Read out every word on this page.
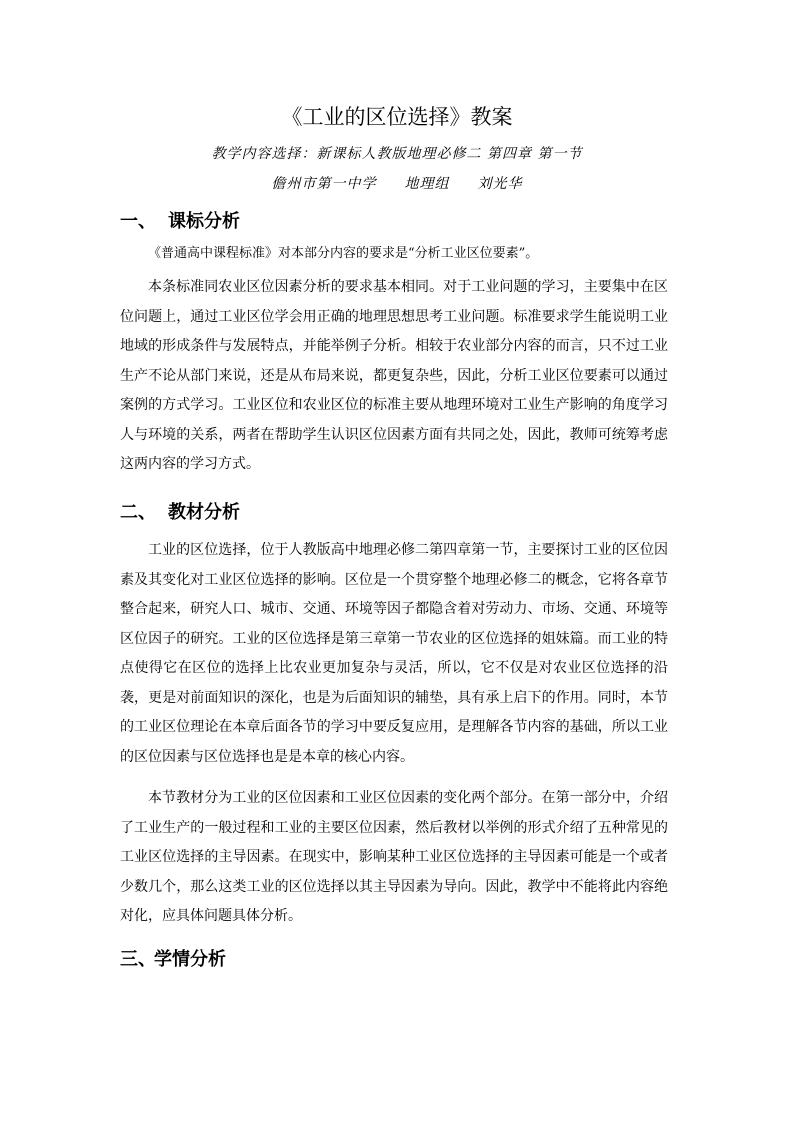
《工业的区位选择》教案
教学内容选择：新课标人教版地理必修二 第四章 第一节
儋州市第一中学 地理组 刘光华
一、 课标分析

《普通高中课程标准》对本部分内容的要求是“分析工业区位要素”。

本条标准同农业区位因素分析的要求基本相同。对于工业问题的学习，主要集中在区位问题上，通过工业区位学会用正确的地理思想思考工业问题。标准要求学生能说明工业地域的形成条件与发展特点，并能举例子分析。相较于农业部分内容的而言，只不过工业生产不论从部门来说，还是从布局来说，都更复杂些，因此，分析工业区位要素可以通过案例的方式学习。工业区位和农业区位的标准主要从地理环境对工业生产影响的角度学习人与环境的关系，两者在帮助学生认识区位因素方面有共同之处，因此，教师可统筹考虑这两内容的学习方式。

二、 教材分析

工业的区位选择，位于人教版高中地理必修二第四章第一节，主要探讨工业的区位因素及其变化对工业区位选择的影响。区位是一个贯穿整个地理必修二的概念，它将各章节整合起来，研究人口、城市、交通、环境等因子都隐含着对劳动力、市场、交通、环境等区位因子的研究。工业的区位选择是第三章第一节农业的区位选择的姐妹篇。而工业的特点使得它在区位的选择上比农业更加复杂与灵活，所以，它不仅是对农业区位选择的沿袭，更是对前面知识的深化，也是为后面知识的辅垫，具有承上启下的作用。同时，本节的工业区位理论在本章后面各节的学习中要反复应用，是理解各节内容的基础，所以工业的区位因素与区位选择也是是本章的核心内容。

本节教材分为工业的区位因素和工业区位因素的变化两个部分。在第一部分中，介绍了工业生产的一般过程和工业的主要区位因素，然后教材以举例的形式介绍了五种常见的工业区位选择的主导因素。在现实中，影响某种工业区位选择的主导因素可能是一个或者少数几个，那么这类工业的区位选择以其主导因素为导向。因此，教学中不能将此内容绝对化，应具体问题具体分析。

三、学情分析
